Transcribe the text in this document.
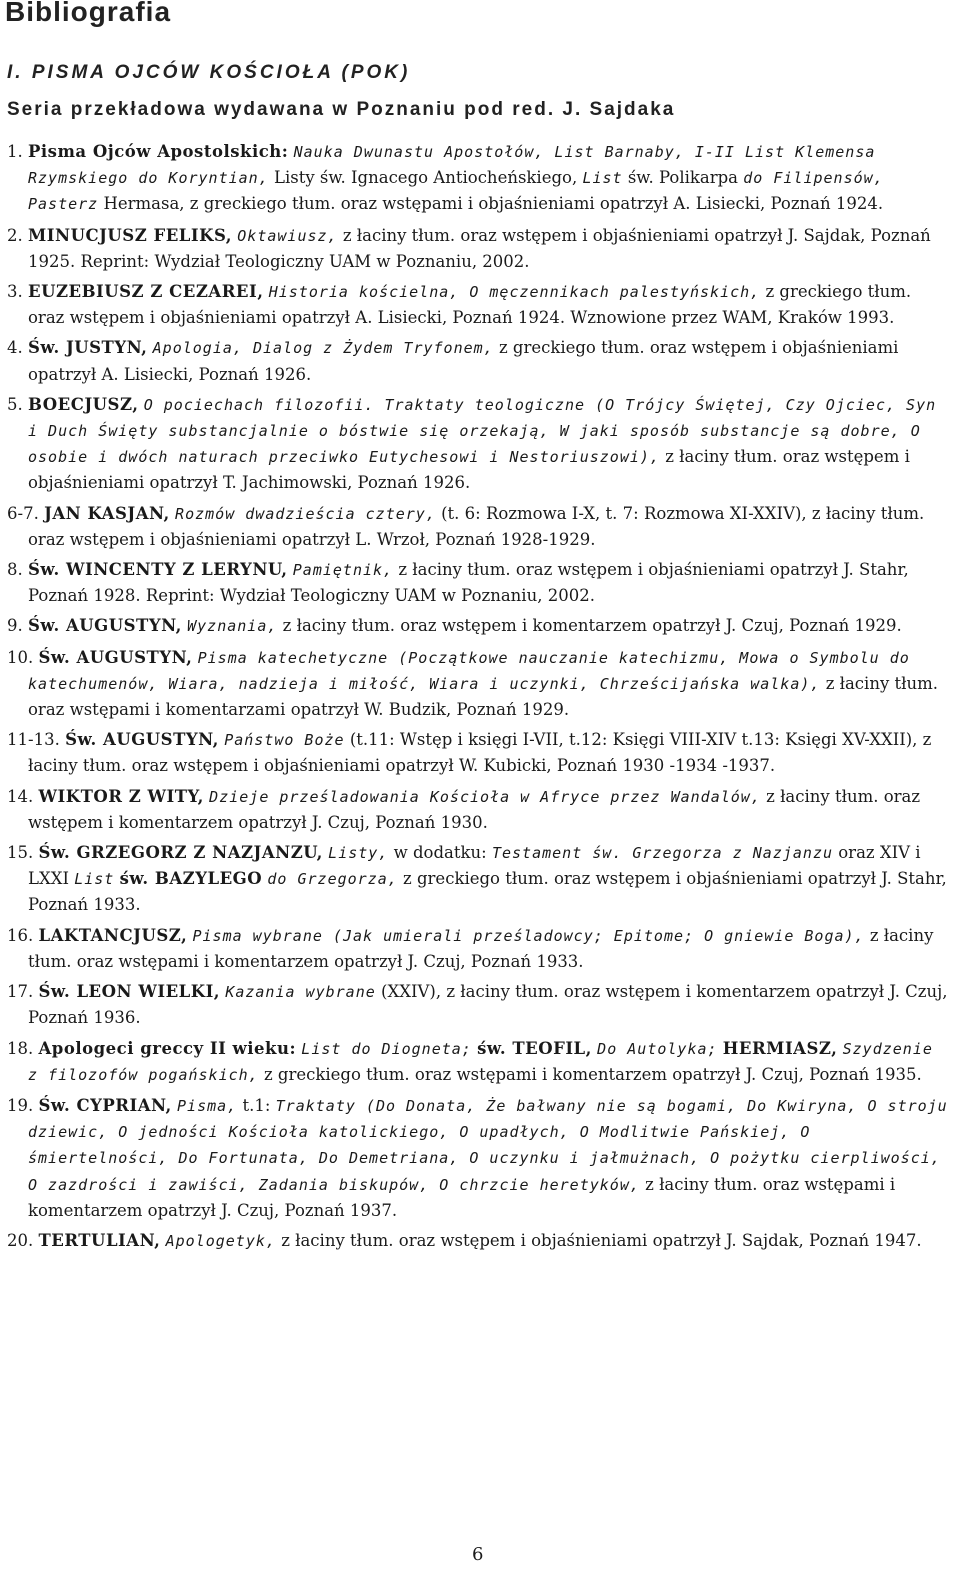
Bibliografia

I. PISMA OJCÓW KOŚCIOŁA (POK)

Seria przekładowa wydawana w Poznaniu pod red. J. Sajdaka

1. Pisma Ojców Apostolskich: Nauka Dwunastu Apostołów, List Barnaby, I-II List Klemensa Rzymskiego do Koryntian, Listy św. Ignacego Antiocheńskiego, List św. Polikarpa do Filipensów, Pasterz Hermasa, z greckiego tłum. oraz wstępami i objaśnieniami opatrzył A. Lisiecki, Poznań 1924.
2. MINUCJUSZ FELIKS, Oktawiusz, z łaciny tłum. oraz wstępem i objaśnieniami opatrzył J. Sajdak, Poznań 1925. Reprint: Wydział Teologiczny UAM w Poznaniu, 2002.
3. EUZEBIUSZ Z CEZAREI, Historia kościelna, O męczennikach palestyńskich, z greckiego tłum. oraz wstępem i objaśnieniami opatrzył A. Lisiecki, Poznań 1924. Wznowione przez WAM, Kraków 1993.
4. Św. JUSTYN, Apologia, Dialog z Żydem Tryfonem, z greckiego tłum. oraz wstępem i objaśnieniami opatrzył A. Lisiecki, Poznań 1926.
5. BOECJUSZ, O pociechach filozofii. Traktaty teologiczne (O Trójcy Świętej, Czy Ojciec, Syn i Duch Święty substancjalnie o bóstwie się orzekają, W jaki sposób substancje są dobre, O osobie i dwóch naturach przeciwko Eutychesowi i Nestoriuszowi), z łaciny tłum. oraz wstępem i objaśnieniami opatrzył T. Jachimowski, Poznań 1926.
6-7. JAN KASJAN, Rozmów dwadzieścia cztery, (t. 6: Rozmowa I-X, t. 7: Rozmowa XI-XXIV), z łaciny tłum. oraz wstępem i objaśnieniami opatrzył L. Wrzoł, Poznań 1928-1929.
8. Św. WINCENTY Z LERYNU, Pamiętnik, z łaciny tłum. oraz wstępem i objaśnieniami opatrzył J. Stahr, Poznań 1928. Reprint: Wydział Teologiczny UAM w Poznaniu, 2002.
9. Św. AUGUSTYN, Wyznania, z łaciny tłum. oraz wstępem i komentarzem opatrzył J. Czuj, Poznań 1929.
10. Św. AUGUSTYN, Pisma katechetyczne (Początkowe nauczanie katechizmu, Mowa o Symbolu do katechumenów, Wiara, nadzieja i miłość, Wiara i uczynki, Chrześcijańska walka), z łaciny tłum. oraz wstępami i komentarzami opatrzył W. Budzik, Poznań 1929.
11-13. Św. AUGUSTYN, Państwo Boże (t.11: Wstęp i księgi I-VII, t.12: Księgi VIII-XIV t.13: Księgi XV-XXII), z łaciny tłum. oraz wstępem i objaśnieniami opatrzył W. Kubicki, Poznań 1930 -1934 -1937.
14. WIKTOR Z WITY, Dzieje prześladowania Kościoła w Afryce przez Wandalów, z łaciny tłum. oraz wstępem i komentarzem opatrzył J. Czuj, Poznań 1930.
15. Św. GRZEGORZ Z NAZJANZU, Listy, w dodatku: Testament św. Grzegorza z Nazjanzu oraz XIV i LXXI List św. BAZYLEGO do Grzegorza, z greckiego tłum. oraz wstępem i objaśnieniami opatrzył J. Stahr, Poznań 1933.
16. LAKTANCJUSZ, Pisma wybrane (Jak umierali prześladowcy; Epitome; O gniewie Boga), z łaciny tłum. oraz wstępami i komentarzem opatrzył J. Czuj, Poznań 1933.
17. Św. LEON WIELKI, Kazania wybrane (XXIV), z łaciny tłum. oraz wstępem i komentarzem opatrzył J. Czuj, Poznań 1936.
18. Apologeci greccy II wieku: List do Diogneta; św. TEOFIL, Do Autolyka; HERMIASZ, Szydzenie z filozofów pogańskich, z greckiego tłum. oraz wstępami i komentarzem opatrzył J. Czuj, Poznań 1935.
19. Św. CYPRIAN, Pisma, t.1: Traktaty (Do Donata, Że bałwany nie są bogami, Do Kwiryna, O stroju dziewic, O jedności Kościoła katolickiego, O upadłych, O Modlitwie Pańskiej, O śmiertelności, Do Fortunata, Do Demetriana, O uczynku i jałmużnach, O pożytku cierpliwości, O zazdrości i zawiści, Zadania biskupów, O chrzcie heretyków, z łaciny tłum. oraz wstępami i komentarzem opatrzył J. Czuj, Poznań 1937.
20. TERTULIAN, Apologetyk, z łaciny tłum. oraz wstępem i objaśnieniami opatrzył J. Sajdak, Poznań 1947.
6
